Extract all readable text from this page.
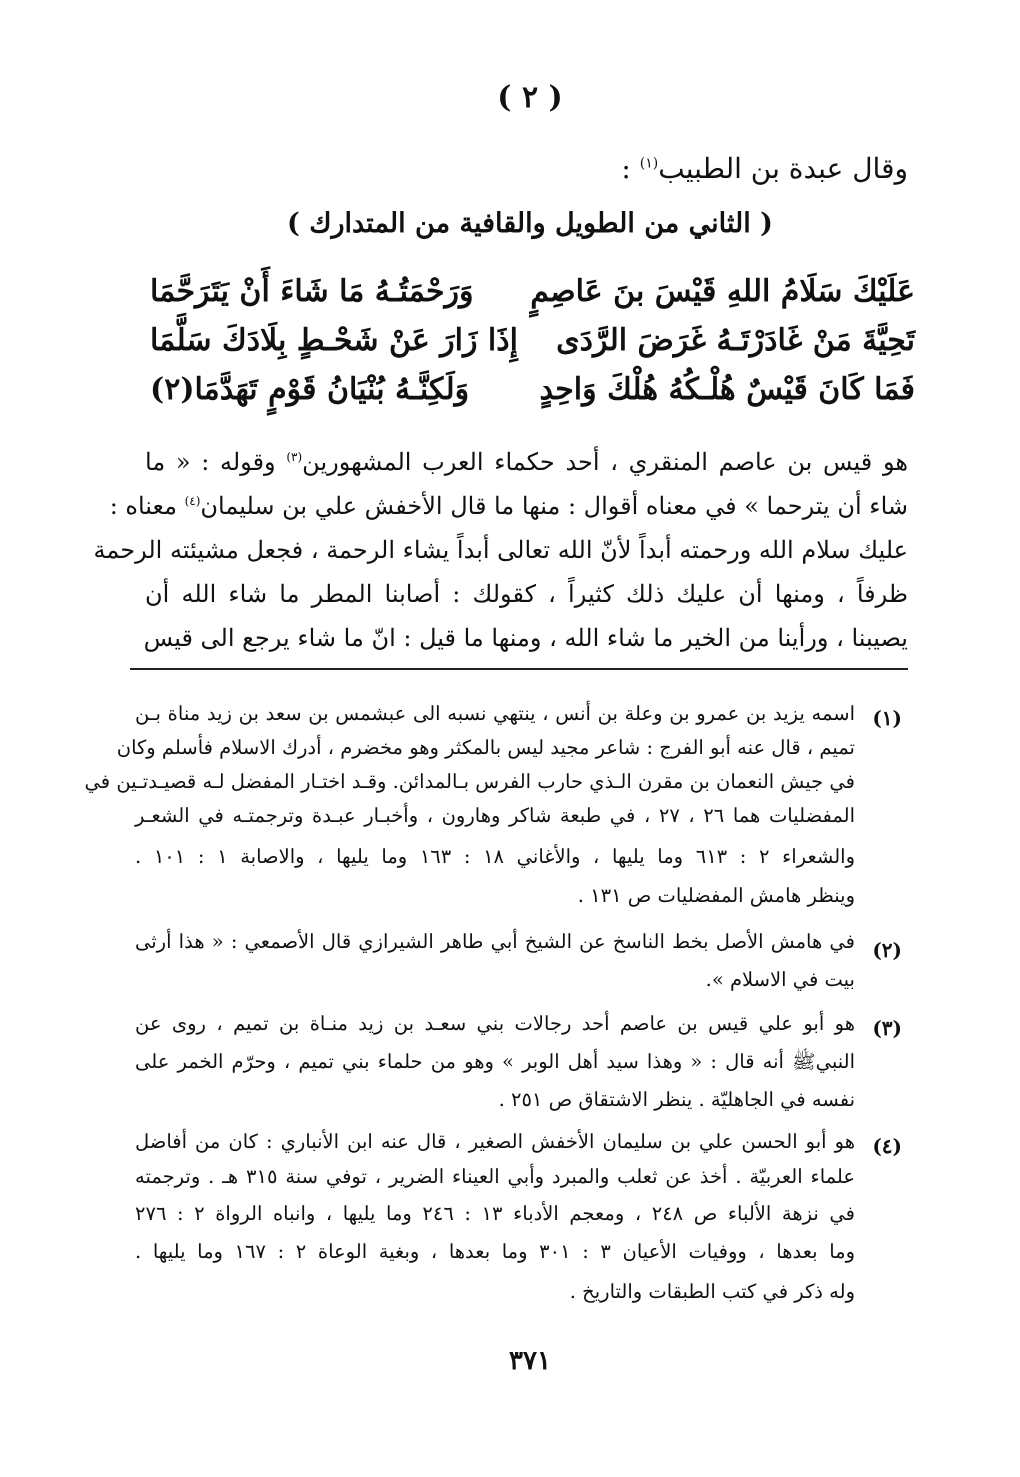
( ٢ )
وقال عبدة بن الطبيب$^{(١)}$ :
( الثاني من الطويل والقافية من المتدارك )
عَلَيْكَ سَلَامُ اللهِ قَيْسَ بنَ عَاصِمٍ
وَرَحْمَتُـهُ مَا شَاءَ أَنْ يَتَرَحَّمَا
تَحِيَّةَ مَنْ غَادَرْتَـهُ غَرَضَ الرَّدَى
إِذَا زَارَ عَنْ شَحْـطٍ بِلَادَكَ سَلَّمَا
فَمَا كَانَ قَيْسٌ هُلْـكُهُ هُلْكَ وَاحِدٍ
وَلَكِنَّـهُ بُنْيَانُ قَوْمٍ تَهَدَّمَا(٢)
هو قيس بن عاصم المنقري ، أحد حكماء العرب المشهورين$^{(٣)}$ وقوله : « ما
شاء أن يترحما » في معناه أقوال : منها ما قال الأخفش علي بن سليمان$^{(٤)}$ معناه :
عليك سلام الله ورحمته أبداً لأنّ الله تعالى أبداً يشاء الرحمة ، فجعل مشيئته الرحمة
ظرفاً ، ومنها أن عليك ذلك كثيراً ، كقولك : أصابنا المطر ما شاء الله أن
يصيبنا ، ورأينا من الخير ما شاء الله ، ومنها ما قيل : انّ ما شاء يرجع الى قيس
(١)
اسمه يزيد بن عمرو بن وعلة بن أنس ، ينتهي نسبه الى عبشمس بن سعد بن زيد مناة بـن
تميم ، قال عنه أبو الفرج : شاعر مجيد ليس بالمكثر وهو مخضرم ، أدرك الاسلام فأسلم وكان
في جيش النعمان بن مقرن الـذي حارب الفرس بـالمدائن. وقـد اختـار المفضل لـه قصيـدتـين في
المفضليات هما ٢٦ ، ٢٧ ، في طبعة شاكر وهارون ، وأخبـار عبـدة وترجمتـه في الشعـر
والشعراء ٢ : ٦١٣ وما يليها ، والأغاني ١٨ : ١٦٣ وما يليها ، والاصابة ١ : ١٠١ .
وينظر هامش المفضليات ص ١٣١ .
(٢)
في هامش الأصل بخط الناسخ عن الشيخ أبي طاهر الشيرازي قال الأصمعي : « هذا أرثى
بيت في الاسلام ».
(٣)
هو أبو علي قيس بن عاصم أحد رجالات بني سعـد بن زيد منـاة بن تميم ، روى عن
النبيﷺ أنه قال : « وهذا سيد أهل الوبر » وهو من حلماء بني تميم ، وحرّم الخمر على
نفسه في الجاهليّة . ينظر الاشتقاق ص ٢٥١ .
(٤)
هو أبو الحسن علي بن سليمان الأخفش الصغير ، قال عنه ابن الأنباري : كان من أفاضل
علماء العربيّة . أخذ عن ثعلب والمبرد وأبي العيناء الضرير ، توفي سنة ٣١٥ هـ . وترجمته
في نزهة الألباء ص ٢٤٨ ، ومعجم الأدباء ١٣ : ٢٤٦ وما يليها ، وانباه الرواة ٢ : ٢٧٦
وما بعدها ، ووفيات الأعيان ٣ : ٣٠١ وما بعدها ، وبغية الوعاة ٢ : ١٦٧ وما يليها .
وله ذكر في كتب الطبقات والتاريخ .
٣٧١
